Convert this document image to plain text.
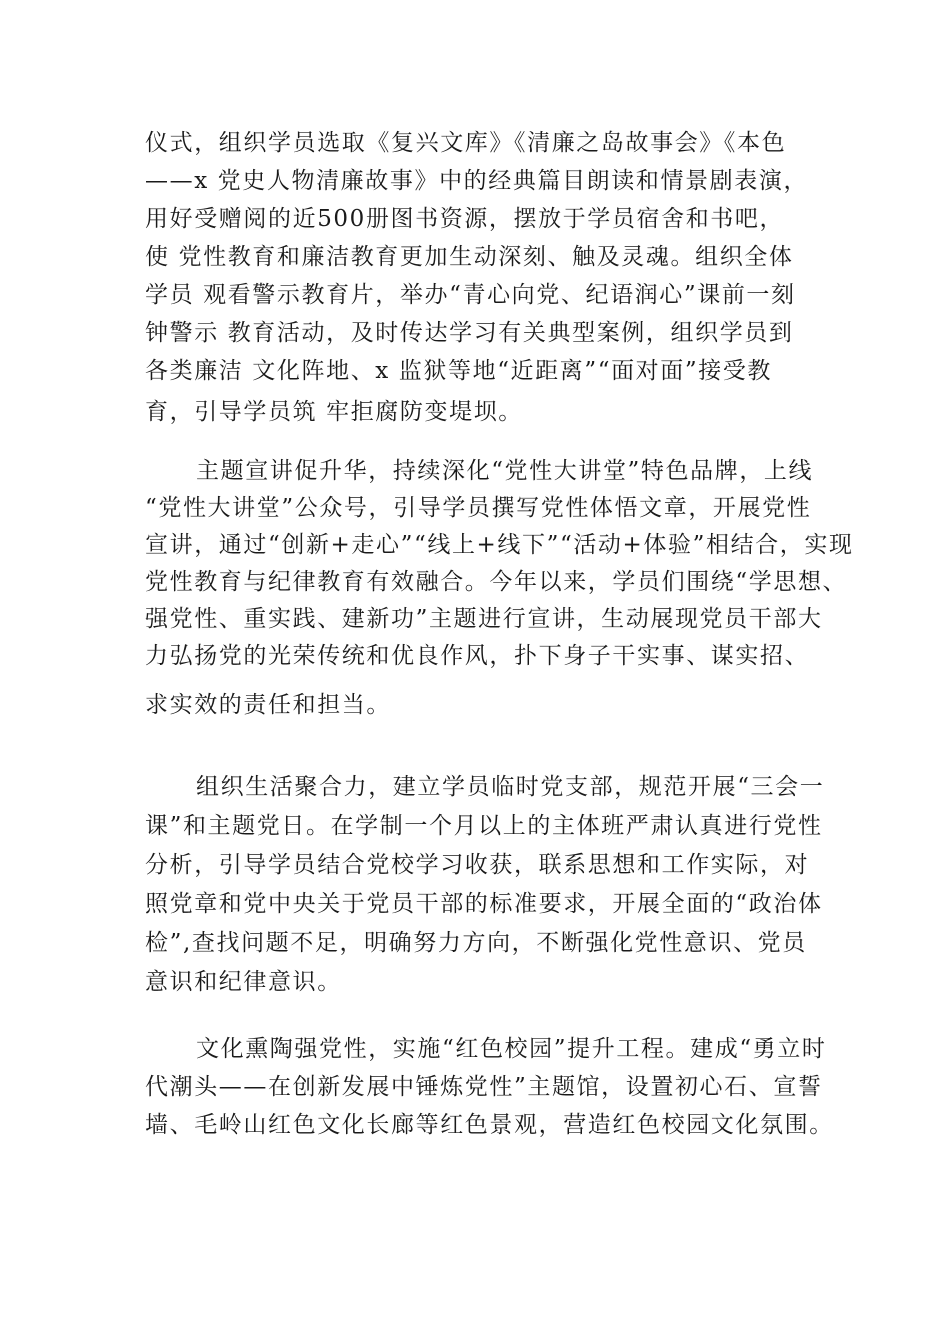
仪式，组织学员选取《复兴文库》《清廉之岛故事会》《本色

——x 党史人物清廉故事》中的经典篇目朗读和情景剧表演，

用好受赠阅的近500册图书资源，摆放于学员宿舍和书吧，

使 党性教育和廉洁教育更加生动深刻、触及灵魂。组织全体

学员 观看警示教育片，举办“青心向党、纪语润心”课前一刻

钟警示 教育活动，及时传达学习有关典型案例，组织学员到

各类廉洁 文化阵地、x 监狱等地“近距离”“面对面”接受教

育，引导学员筑 牢拒腐防变堤坝。

主题宣讲促升华，持续深化“党性大讲堂”特色品牌，上线

“党性大讲堂”公众号，引导学员撰写党性体悟文章，开展党性

宣讲，通过“创新+走心”“线上+线下”“活动+体验”相结合，实现

党性教育与纪律教育有效融合。今年以来，学员们围绕“学思想、

强党性、重实践、建新功”主题进行宣讲，生动展现党员干部大

力弘扬党的光荣传统和优良作风，扑下身子干实事、谋实招、

求实效的责任和担当。

组织生活聚合力，建立学员临时党支部，规范开展“三会一

课”和主题党日。在学制一个月以上的主体班严肃认真进行党性

分析，引导学员结合党校学习收获，联系思想和工作实际，对

照党章和党中央关于党员干部的标准要求，开展全面的“政治体

检”,查找问题不足，明确努力方向，不断强化党性意识、党员

意识和纪律意识。

文化熏陶强党性，实施“红色校园”提升工程。建成“勇立时

代潮头——在创新发展中锤炼党性”主题馆，设置初心石、宣誓

墙、毛岭山红色文化长廊等红色景观，营造红色校园文化氛围。
